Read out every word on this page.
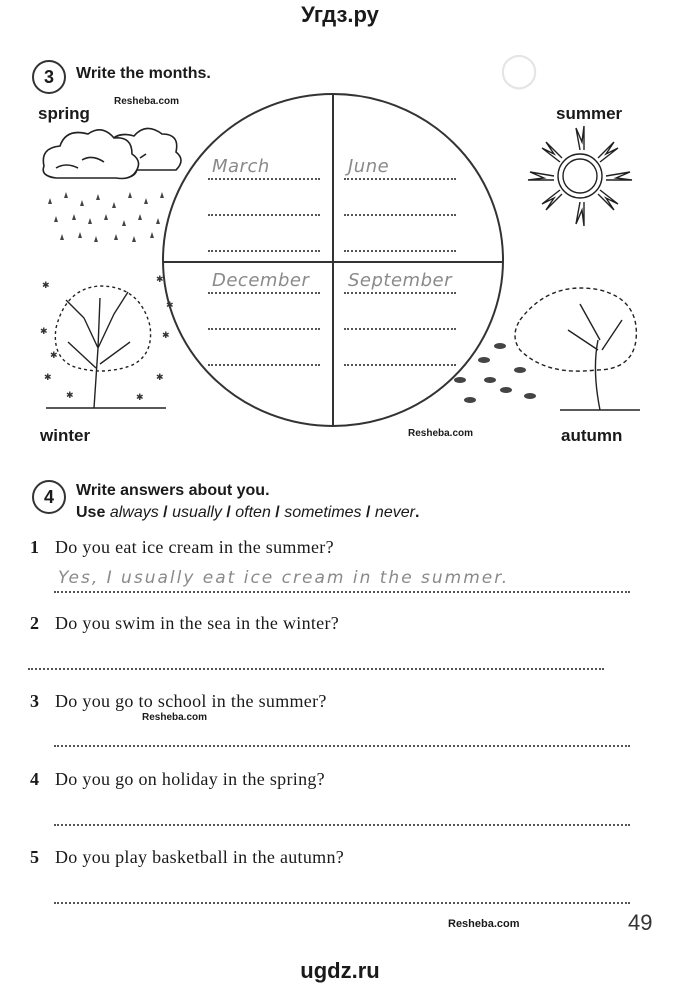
Угдз.ру
◯
3	Write the months.
spring	summer
winter	autumn
Resheba.com
Resheba.com
✱
✱
✱	✱
✱	✱
✱	✱
✱
✱
March	June
December September
4	Write answers about you.
Use always / usually / often / sometimes / never.
1 Do you eat ice cream in the summer?
Yes, I usually eat ice cream in the summer.
2 Do you swim in the sea in the winter?
3 Do you go to school in the summer?
Resheba.com
4 Do you go on holiday in the spring?
5 Do you play basketball in the autumn?
Resheba.com	49
ugdz.ru
